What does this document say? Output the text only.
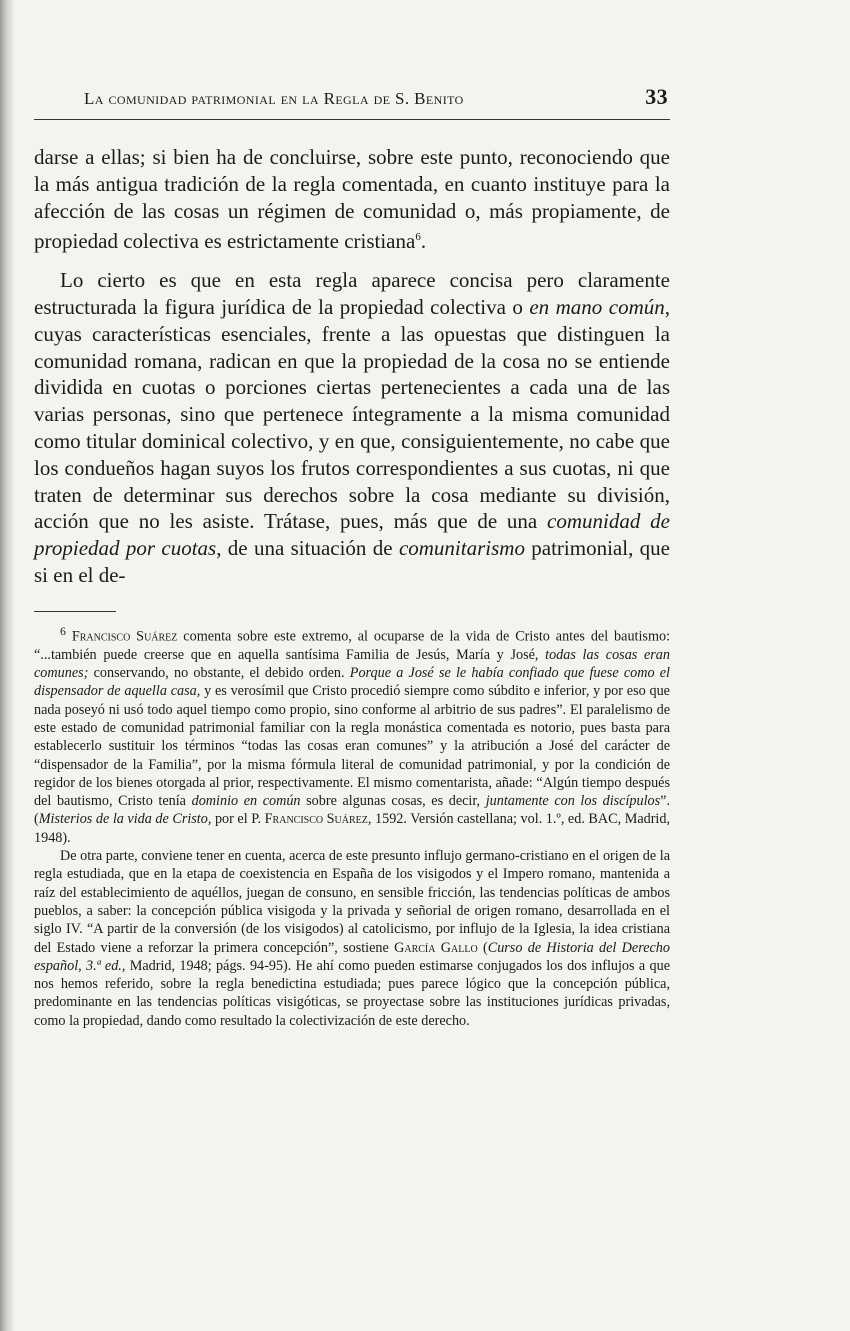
La comunidad patrimonial en la Regla de S. Benito	33

darse a ellas; si bien ha de concluirse, sobre este punto, reconociendo que la más antigua tradición de la regla comentada, en cuanto instituye para la afección de las cosas un régimen de comunidad o, más propiamente, de propiedad colectiva es estrictamente cristiana$^6$.

Lo cierto es que en esta regla aparece concisa pero claramente estructurada la figura jurídica de la propiedad colectiva o en mano común, cuyas características esenciales, frente a las opuestas que distinguen la comunidad romana, radican en que la propiedad de la cosa no se entiende dividida en cuotas o porciones ciertas pertenecientes a cada una de las varias personas, sino que pertenece íntegramente a la misma comunidad como titular dominical colectivo, y en que, consiguientemente, no cabe que los condueños hagan suyos los frutos correspondientes a sus cuotas, ni que traten de determinar sus derechos sobre la cosa mediante su división, acción que no les asiste. Trátase, pues, más que de una comunidad de propiedad por cuotas, de una situación de comunitarismo patrimonial, que si en el de-

$^6$ Francisco Suárez comenta sobre este extremo, al ocuparse de la vida de Cristo antes del bautismo: “...también puede creerse que en aquella santísima Familia de Jesús, María y José, todas las cosas eran comunes; conservando, no obstante, el debido orden. Porque a José se le había confiado que fuese como el dispensador de aquella casa, y es verosímil que Cristo procedió siempre como súbdito e inferior, y por eso que nada poseyó ni usó todo aquel tiempo como propio, sino conforme al arbitrio de sus padres”. El paralelismo de este estado de comunidad patrimonial familiar con la regla monástica comentada es notorio, pues basta para establecerlo sustituir los términos “todas las cosas eran comunes” y la atribución a José del carácter de “dispensador de la Familia”, por la misma fórmula literal de comunidad patrimonial, y por la condición de regidor de los bienes otorgada al prior, respectivamente. El mismo comentarista, añade: “Algún tiempo después del bautismo, Cristo tenía dominio en común sobre algunas cosas, es decir, juntamente con los discípulos”. (Misterios de la vida de Cristo, por el P. Francisco Suárez, 1592. Versión castellana; vol. 1.º, ed. BAC, Madrid, 1948).

De otra parte, conviene tener en cuenta, acerca de este presunto influjo germano-cristiano en el origen de la regla estudiada, que en la etapa de coexistencia en España de los visigodos y el Impero romano, mantenida a raíz del establecimiento de aquéllos, juegan de consuno, en sensible fricción, las tendencias políticas de ambos pueblos, a saber: la concepción pública visigoda y la privada y señorial de origen romano, desarrollada en el siglo IV. “A partir de la conversión (de los visigodos) al catolicismo, por influjo de la Iglesia, la idea cristiana del Estado viene a reforzar la primera concepción”, sostiene García Gallo (Curso de Historia del Derecho español, 3.ª ed., Madrid, 1948; págs. 94-95). He ahí como pueden estimarse conjugados los dos influjos a que nos hemos referido, sobre la regla benedictina estudiada; pues parece lógico que la concepción pública, predominante en las tendencias políticas visigóticas, se proyectase sobre las instituciones jurídicas privadas, como la propiedad, dando como resultado la colectivización de este derecho.
